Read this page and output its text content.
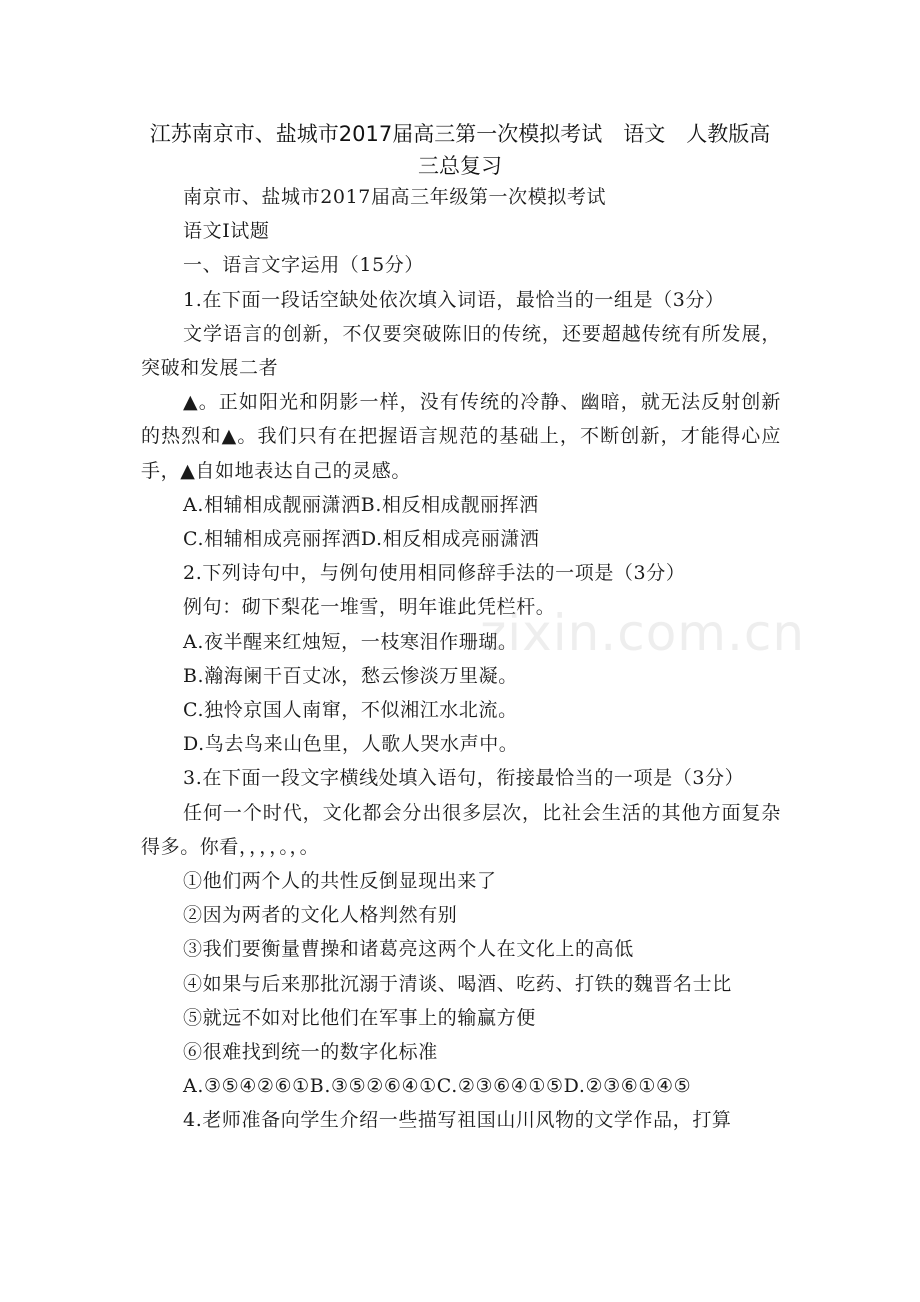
江苏南京市、盐城市2017届高三第一次模拟考试　语文　人教版高三总复习

南京市、盐城市2017届高三年级第一次模拟考试

语文Ⅰ试题

一、语言文字运用（15分）

1.在下面一段话空缺处依次填入词语，最恰当的一组是（3分）

文学语言的创新，不仅要突破陈旧的传统，还要超越传统有所发展，突破和发展二者

▲。正如阳光和阴影一样，没有传统的冷静、幽暗，就无法反射创新的热烈和▲。我们只有在把握语言规范的基础上，不断创新，才能得心应手，▲自如地表达自己的灵感。

A.相辅相成靓丽潇洒B.相反相成靓丽挥洒

C.相辅相成亮丽挥洒D.相反相成亮丽潇洒

2.下列诗句中，与例句使用相同修辞手法的一项是（3分）

例句：砌下梨花一堆雪，明年谁此凭栏杆。

A.夜半醒来红烛短，一枝寒泪作珊瑚。

B.瀚海阑干百丈冰，愁云惨淡万里凝。

C.独怜京国人南窜，不似湘江水北流。

D.鸟去鸟来山色里，人歌人哭水声中。

3.在下面一段文字横线处填入语句，衔接最恰当的一项是（3分）

任何一个时代，文化都会分出很多层次，比社会生活的其他方面复杂得多。你看，，，，。，。

①他们两个人的共性反倒显现出来了

②因为两者的文化人格判然有别

③我们要衡量曹操和诸葛亮这两个人在文化上的高低

④如果与后来那批沉溺于清谈、喝酒、吃药、打铁的魏晋名士比

⑤就远不如对比他们在军事上的输赢方便

⑥很难找到统一的数字化标准

A.③⑤④②⑥①B.③⑤②⑥④①C.②③⑥④①⑤D.②③⑥①④⑤

4.老师准备向学生介绍一些描写祖国山川风物的文学作品，打算

zixin.com.cn
